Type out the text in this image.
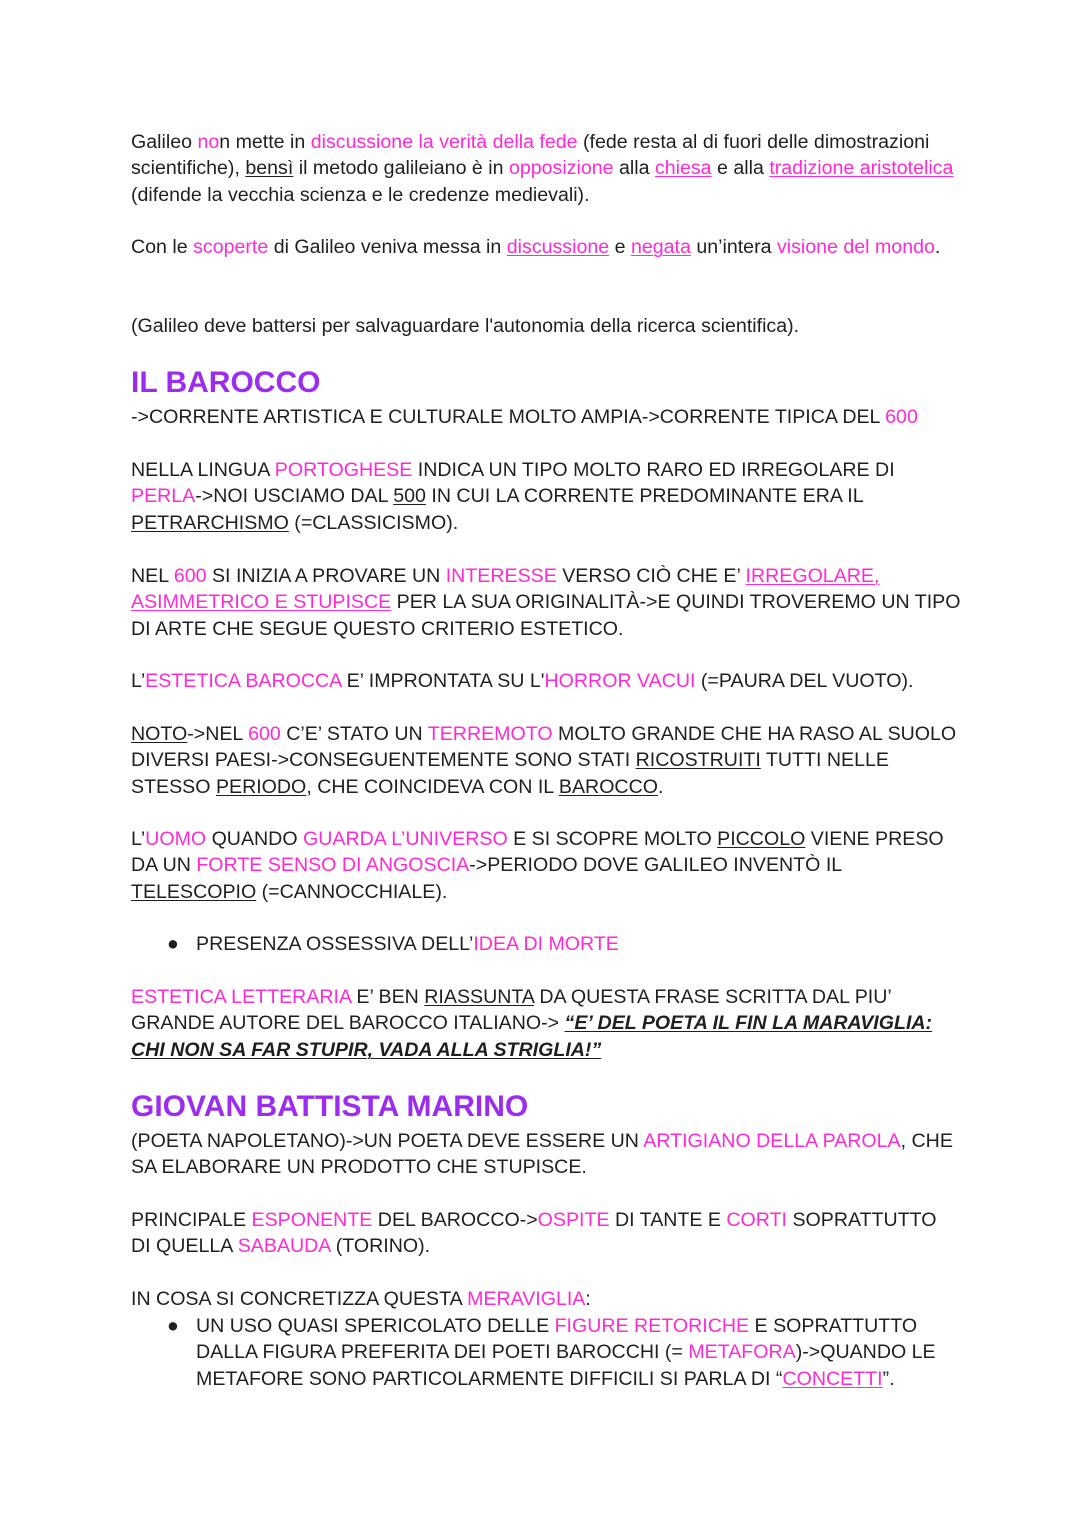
Galileo non mette in discussione la verità della fede (fede resta al di fuori delle dimostrazioni scientifiche), bensì il metodo galileiano è in opposizione alla chiesa e alla tradizione aristotelica (difende la vecchia scienza e le credenze medievali).

Con le scoperte di Galileo veniva messa in discussione e negata un’intera visione del mondo.

(Galileo deve battersi per salvaguardare l'autonomia della ricerca scientifica).

IL BAROCCO

->CORRENTE ARTISTICA E CULTURALE MOLTO AMPIA->CORRENTE TIPICA DEL 600

NELLA LINGUA PORTOGHESE INDICA UN TIPO MOLTO RARO ED IRREGOLARE DI PERLA->NOI USCIAMO DAL 500 IN CUI LA CORRENTE PREDOMINANTE ERA IL PETRARCHISMO (=CLASSICISMO).

NEL 600 SI INIZIA A PROVARE UN INTERESSE VERSO CIÒ CHE E’ IRREGOLARE, ASIMMETRICO E STUPISCE PER LA SUA ORIGINALITÀ->E QUINDI TROVEREMO UN TIPO DI ARTE CHE SEGUE QUESTO CRITERIO ESTETICO.

L’ESTETICA BAROCCA E’ IMPRONTATA SU L'HORROR VACUI (=PAURA DEL VUOTO).

NOTO->NEL 600 C’E’ STATO UN TERREMOTO MOLTO GRANDE CHE HA RASO AL SUOLO DIVERSI PAESI->CONSEGUENTEMENTE SONO STATI RICOSTRUITI TUTTI NELLE STESSO PERIODO, CHE COINCIDEVA CON IL BAROCCO.

L’UOMO QUANDO GUARDA L’UNIVERSO E SI SCOPRE MOLTO PICCOLO VIENE PRESO DA UN FORTE SENSO DI ANGOSCIA->PERIODO DOVE GALILEO INVENTÒ IL TELESCOPIO (=CANNOCCHIALE).

● PRESENZA OSSESSIVA DELL’IDEA DI MORTE

ESTETICA LETTERARIA E’ BEN RIASSUNTA DA QUESTA FRASE SCRITTA DAL PIU’ GRANDE AUTORE DEL BAROCCO ITALIANO-> “E’ DEL POETA IL FIN LA MARAVIGLIA: CHI NON SA FAR STUPIR, VADA ALLA STRIGLIA!”

GIOVAN BATTISTA MARINO

(POETA NAPOLETANO)->UN POETA DEVE ESSERE UN ARTIGIANO DELLA PAROLA, CHE SA ELABORARE UN PRODOTTO CHE STUPISCE.

PRINCIPALE ESPONENTE DEL BAROCCO->OSPITE DI TANTE E CORTI SOPRATTUTTO DI QUELLA SABAUDA (TORINO).

IN COSA SI CONCRETIZZA QUESTA MERAVIGLIA:

● UN USO QUASI SPERICOLATO DELLE FIGURE RETORICHE E SOPRATTUTTO DALLA FIGURA PREFERITA DEI POETI BAROCCHI (= METAFORA)->QUANDO LE METAFORE SONO PARTICOLARMENTE DIFFICILI SI PARLA DI “CONCETTI”.
